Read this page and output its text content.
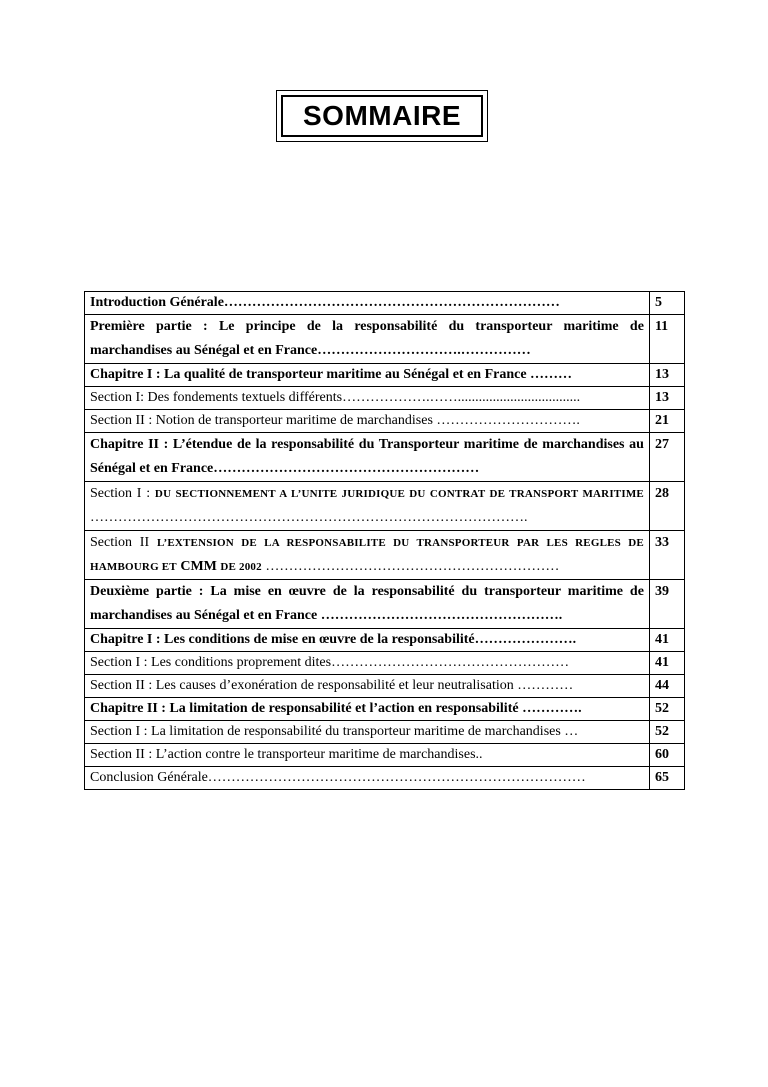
SOMMAIRE
Introduction Générale………………………………………………………………	5
Première partie : Le principe de la responsabilité du transporteur maritime de marchandises au Sénégal et en France………………………….……………	11
Chapitre I : La qualité de transporteur maritime au Sénégal et en France ………	13
Section I: Des fondements textuels différents……………….……...................................	13
Section II : Notion de transporteur maritime de marchandises ………………………….	21
Chapitre II : L’étendue de la responsabilité du Transporteur maritime de marchandises au Sénégal et en France…………………………………………………	27
Section I : DU SECTIONNEMENT A L’UNITE JURIDIQUE DU CONTRAT DE TRANSPORT MARITIME ………………………………………………………………………………….	28
Section II L’EXTENSION DE LA RESPONSABILITE DU TRANSPORTEUR PAR LES REGLES DE HAMBOURG ET CMM DE 2002 ………………………………………………………	33
Deuxième partie : La mise en œuvre de la responsabilité du transporteur maritime de marchandises au Sénégal et en France …………………………………………….	39
Chapitre I : Les conditions de mise en œuvre de la responsabilité………………….	41
Section I : Les conditions proprement dites……………………………………………	41
Section II : Les causes d’exonération de responsabilité et leur neutralisation …………	44
Chapitre II : La limitation de responsabilité et l’action en responsabilité ………….	52
Section I : La limitation de responsabilité du transporteur maritime de marchandises …	52
Section II : L’action contre le transporteur maritime de marchandises..	60
Conclusion Générale………………………………………………………………………	65
